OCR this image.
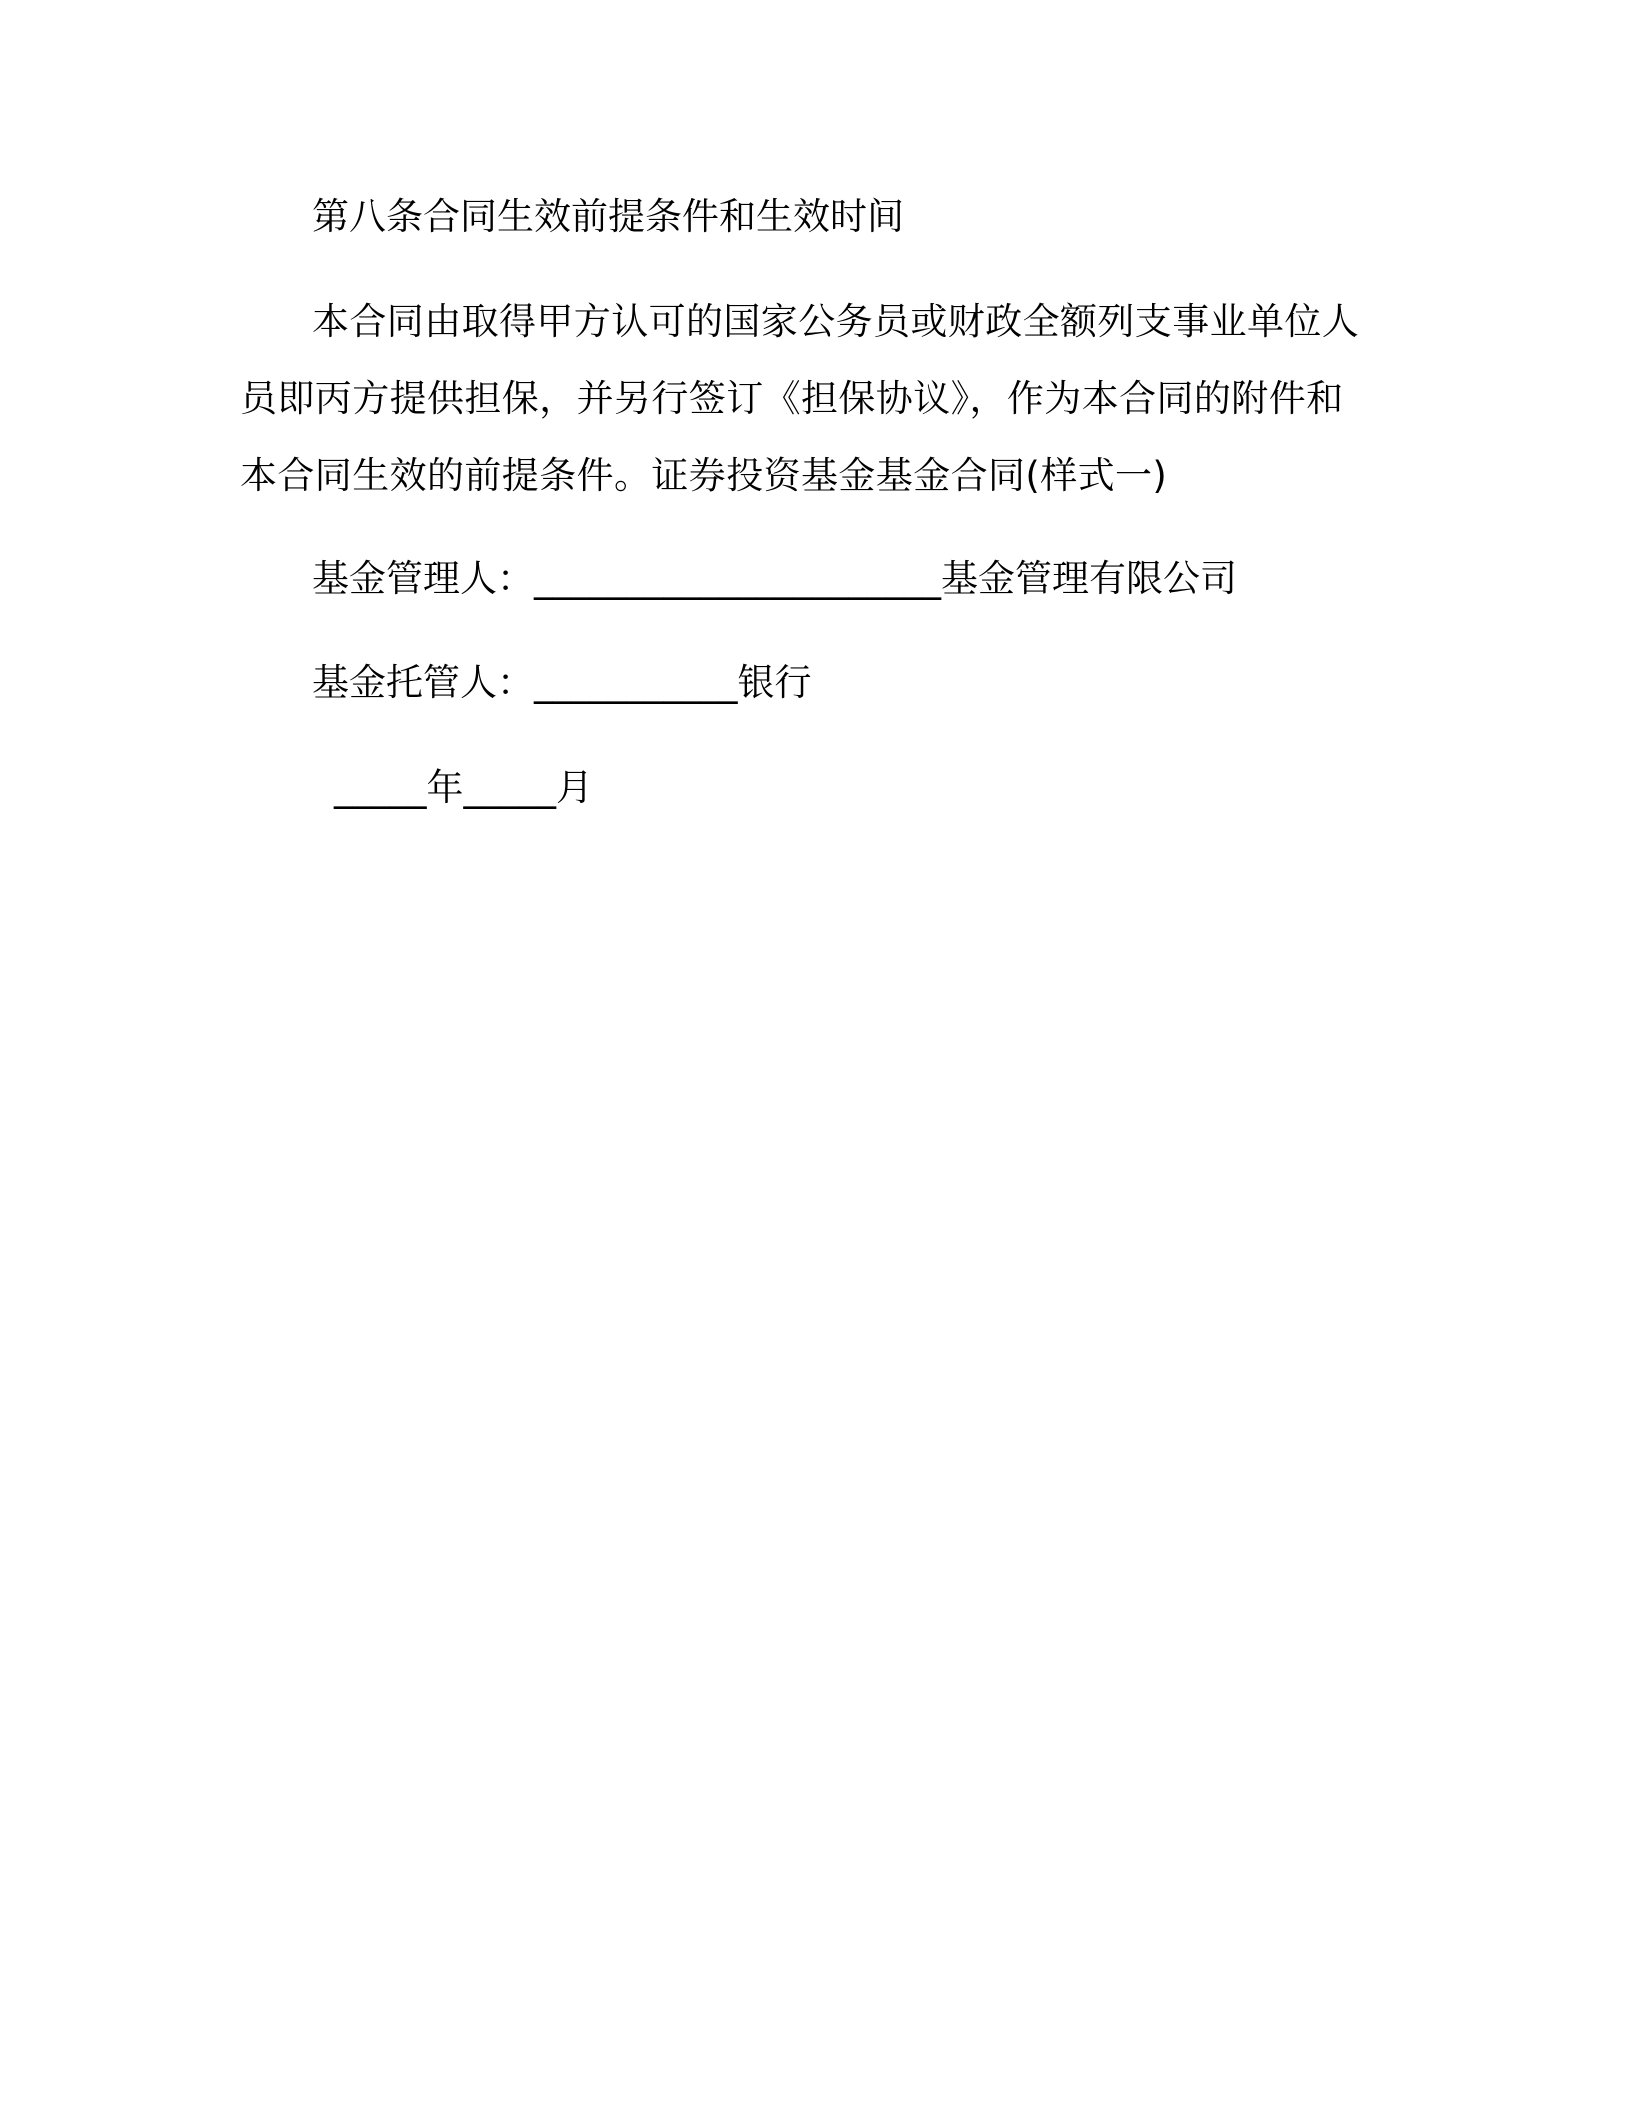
第八条合同生效前提条件和生效时间
本合同由取得甲方认可的国家公务员或财政全额列支事业单位人
员即丙方提供担保，并另行签订《担保协议》，作为本合同的附件和
本合同生效的前提条件。证券投资基金基金合同(样式一)
基金管理人：______________________基金管理有限公司
基金托管人：___________银行
_____年_____月
